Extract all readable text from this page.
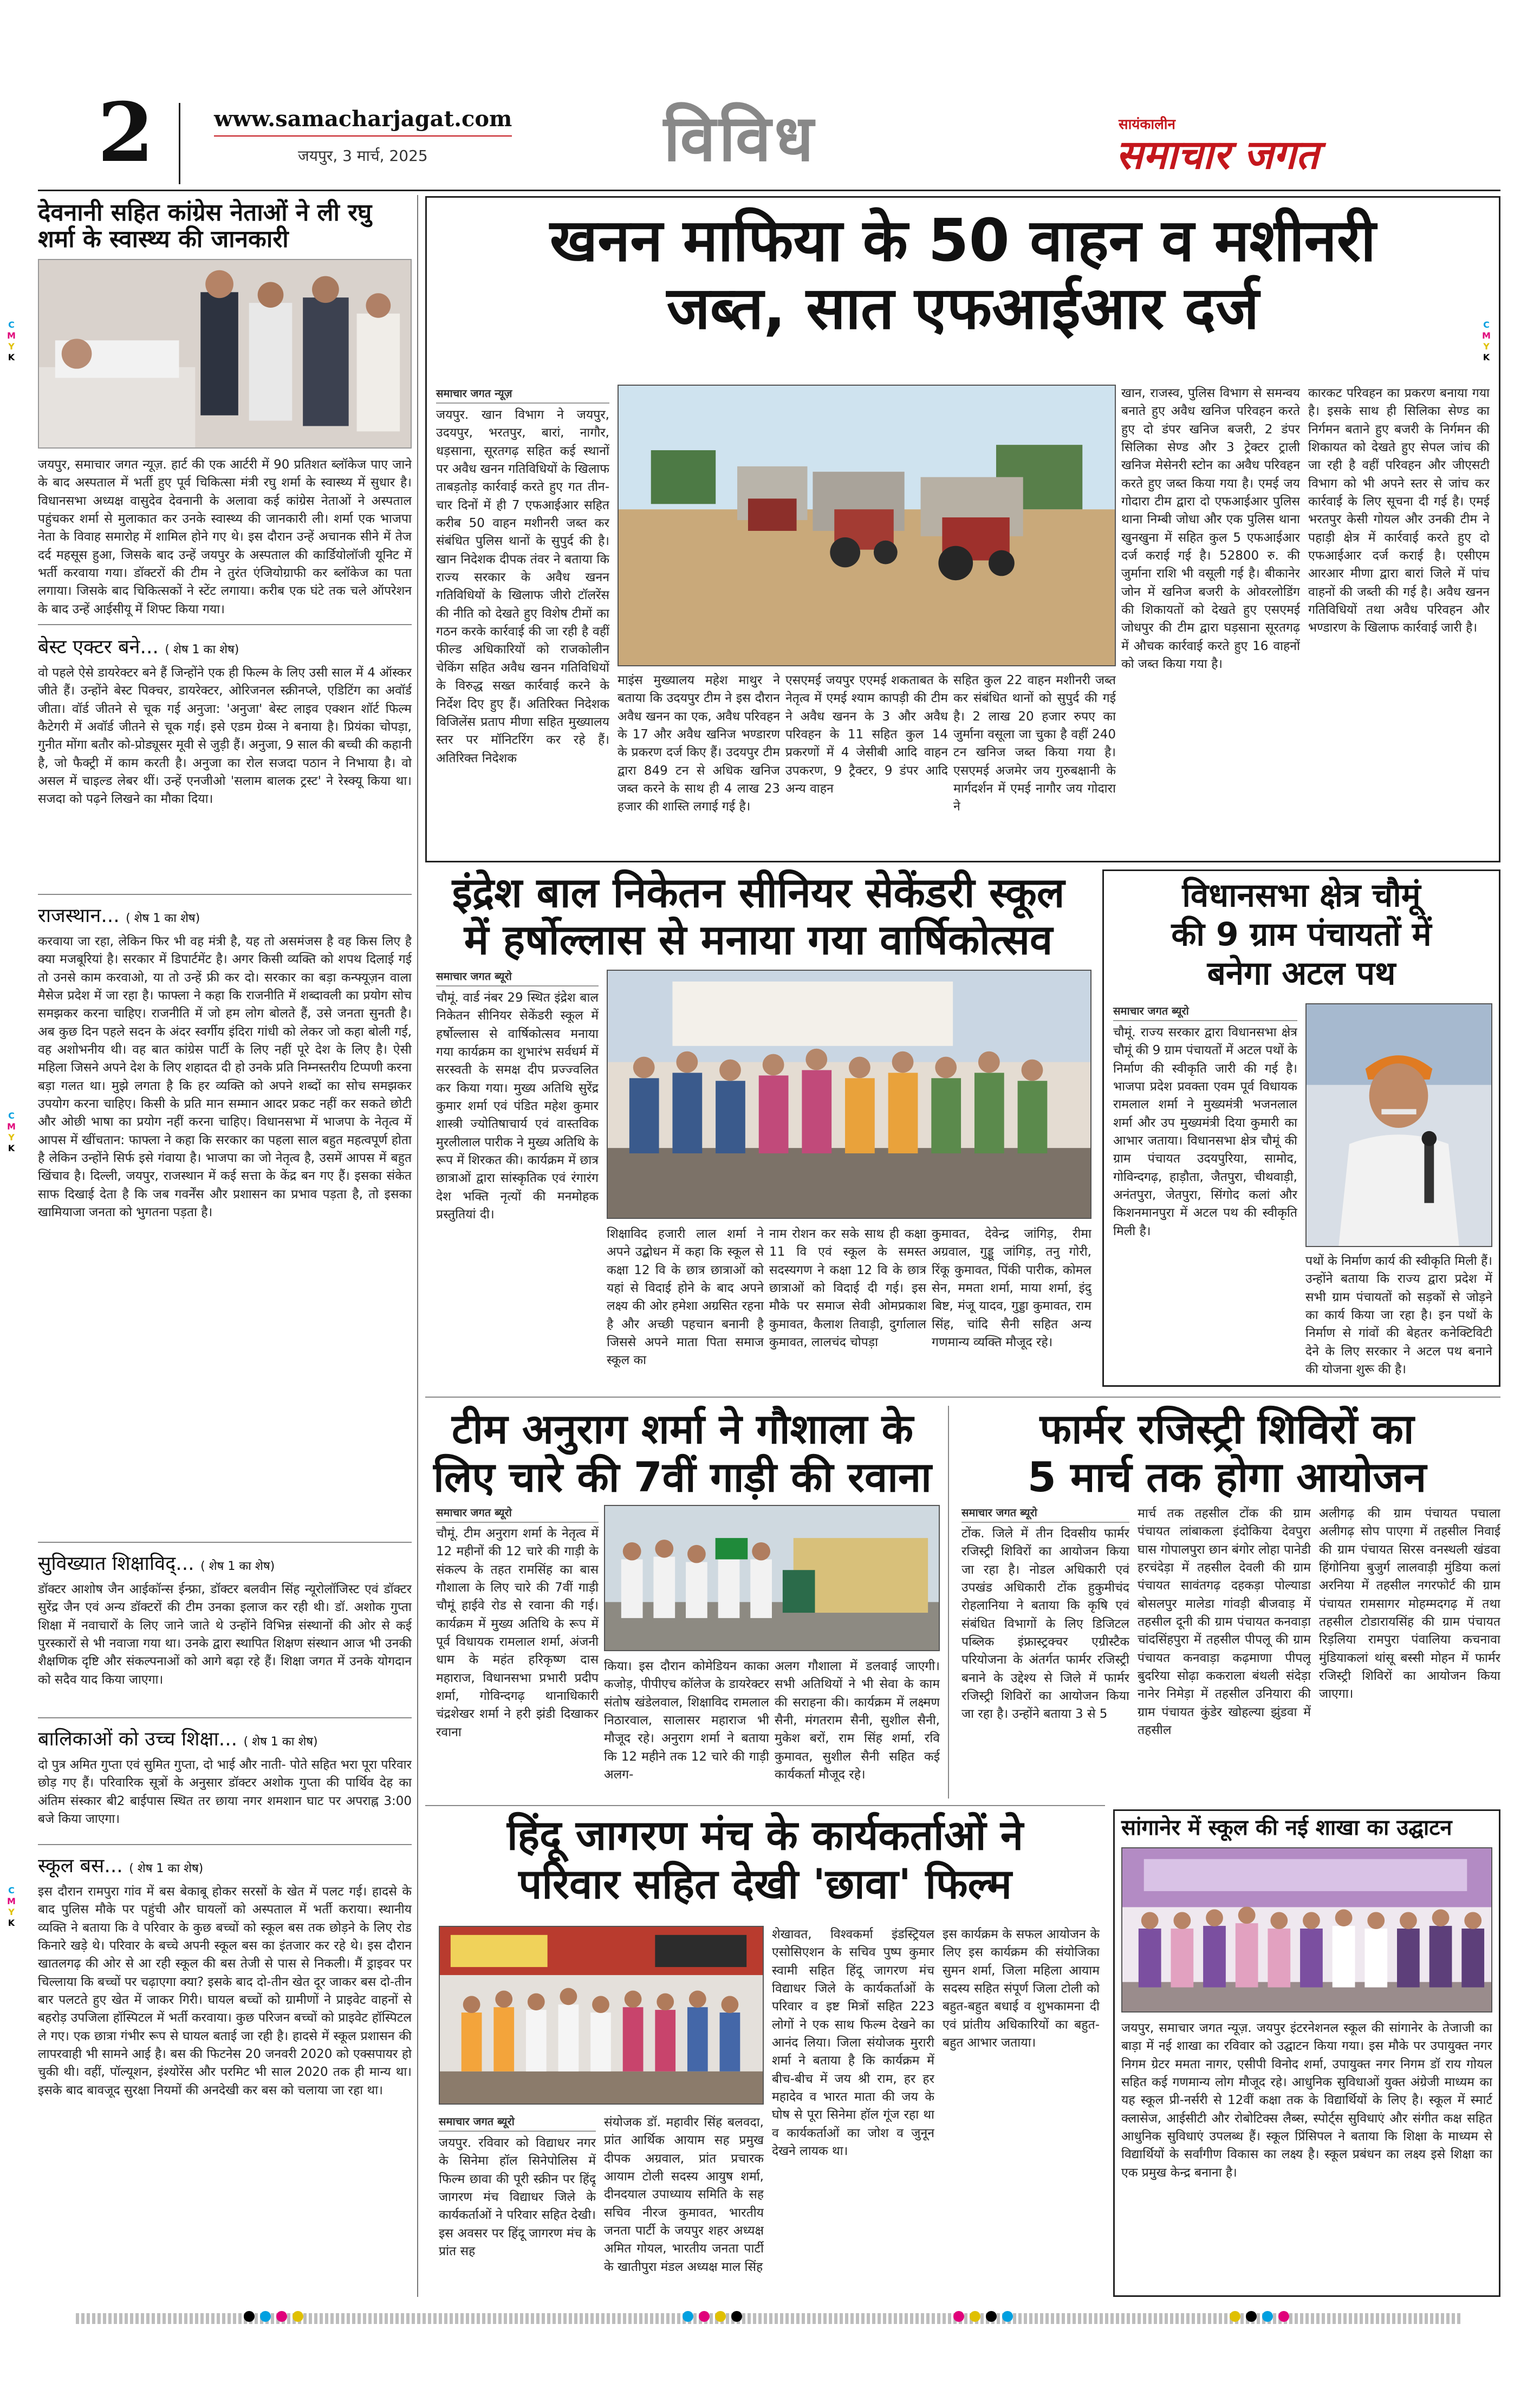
C
M
Y
K
C
M
Y
K
C
M
Y
K
C
M
Y
K
2	www.samacharjagat.com
जयपुर, 3 मार्च, 2025	विविध	सायंकालीन
समाचार जगत
देवनानी सहित कांग्रेस नेताओं ने ली रघु शर्मा के स्वास्थ्य की जानकारी
जयपुर, समाचार जगत न्यूज़. हार्ट की एक आर्टरी में 90 प्रतिशत ब्लॉकेज पाए जाने के बाद अस्पताल में भर्ती हुए पूर्व चिकित्सा मंत्री रघु शर्मा के स्वास्थ्य में सुधार है। विधानसभा अध्यक्ष वासुदेव देवनानी के अलावा कई कांग्रेस नेताओं ने अस्पताल पहुंचकर शर्मा से मुलाकात कर उनके स्वास्थ्य की जानकारी ली। शर्मा एक भाजपा नेता के विवाह समारोह में शामिल होने गए थे। इस दौरान उन्हें अचानक सीने में तेज दर्द महसूस हुआ, जिसके बाद उन्हें जयपुर के अस्पताल की कार्डियोलॉजी यूनिट में भर्ती करवाया गया। डॉक्टरों की टीम ने तुरंत एंजियोग्राफी कर ब्लॉकेज का पता लगाया। जिसके बाद चिकित्सकों ने स्टेंट लगाया। करीब एक घंटे तक चले ऑपरेशन के बाद उन्हें आईसीयू में शिफ्ट किया गया।
बेस्ट एक्टर बने... ( शेष 1 का शेष)
वो पहले ऐसे डायरेक्टर बने हैं जिन्होंने एक ही फिल्म के लिए उसी साल में 4 ऑस्कर जीते हैं। उन्होंने बेस्ट पिक्चर, डायरेक्टर, ओरिजनल स्क्रीनप्ले, एडिटिंग का अवॉर्ड जीता। वॉर्ड जीतने से चूक गई अनुजा: 'अनुजा' बेस्ट लाइव एक्शन शॉर्ट फिल्म कैटेगरी में अवॉर्ड जीतने से चूक गई। इसे एडम ग्रेव्स ने बनाया है। प्रियंका चोपड़ा, गुनीत मोंगा बतौर को-प्रोड्यूसर मूवी से जुड़ी हैं। अनुजा, 9 साल की बच्ची की कहानी है, जो फैक्ट्री में काम करती है। अनुजा का रोल सजदा पठान ने निभाया है। वो असल में चाइल्ड लेबर थीं। उन्हें एनजीओ 'सलाम बालक ट्रस्ट' ने रेस्क्यू किया था। सजदा को पढ़ने लिखने का मौका दिया।
राजस्थान... ( शेष 1 का शेष)
करवाया जा रहा, लेकिन फिर भी वह मंत्री है, यह तो असमंजस है वह किस लिए है क्या मजबूरियां है। सरकार में डिपार्टमेंट है। अगर किसी व्यक्ति को शपथ दिलाई गई तो उनसे काम करवाओ, या तो उन्हें फ्री कर दो। सरकार का बड़ा कन्फ्यूज़न वाला मैसेज प्रदेश में जा रहा है। फाफ्ला ने कहा कि राजनीति में शब्दावली का प्रयोग सोच समझकर करना चाहिए। राजनीति में जो हम लोग बोलते हैं, उसे जनता सुनती है। अब कुछ दिन पहले सदन के अंदर स्वर्गीय इंदिरा गांधी को लेकर जो कहा बोली गई, वह अशोभनीय थी। वह बात कांग्रेस पार्टी के लिए नहीं पूरे देश के लिए है। ऐसी महिला जिसने अपने देश के लिए शहादत दी हो उनके प्रति निम्नस्तरीय टिप्पणी करना बड़ा गलत था। मुझे लगता है कि हर व्यक्ति को अपने शब्दों का सोच समझकर उपयोग करना चाहिए। किसी के प्रति मान सम्मान आदर प्रकट नहीं कर सकते छोटी और ओछी भाषा का प्रयोग नहीं करना चाहिए। विधानसभा में भाजपा के नेतृत्व में आपस में खींचतान: फाफ्ला ने कहा कि सरकार का पहला साल बहुत महत्वपूर्ण होता है लेकिन उन्होंने सिर्फ इसे गंवाया है। भाजपा का जो नेतृत्व है, उसमें आपस में बहुत खिंचाव है। दिल्ली, जयपुर, राजस्थान में कई सत्ता के केंद्र बन गए हैं। इसका संकेत साफ दिखाई देता है कि जब गवर्नेंस और प्रशासन का प्रभाव पड़ता है, तो इसका खामियाजा जनता को भुगतना पड़ता है।
सुविख्यात शिक्षाविद्... ( शेष 1 का शेष)
डॉक्टर आशोष जैन आईकॉन्स ईन्फ्रा, डॉक्टर बलवीन सिंह न्यूरोलॉजिस्ट एवं डॉक्टर सुरेंद्र जैन एवं अन्य डॉक्टरों की टीम उनका इलाज कर रही थी। डॉ. अशोक गुप्ता शिक्षा में नवाचारों के लिए जाने जाते थे उन्होंने विभिन्न संस्थानों की ओर से कई पुरस्कारों से भी नवाजा गया था। उनके द्वारा स्थापित शिक्षण संस्थान आज भी उनकी शैक्षणिक दृष्टि और संकल्पनाओं को आगे बढ़ा रहे हैं। शिक्षा जगत में उनके योगदान को सदैव याद किया जाएगा।
बालिकाओं को उच्च शिक्षा... ( शेष 1 का शेष)
दो पुत्र अमित गुप्ता एवं सुमित गुप्ता, दो भाई और नाती- पोते सहित भरा पूरा परिवार छोड़ गए हैं। परिवारिक सूत्रों के अनुसार डॉक्टर अशोक गुप्ता की पार्थिव देह का अंतिम संस्कार बी2 बाईपास स्थित तर छाया नगर शमशान घाट पर अपराह्न 3:00 बजे किया जाएगा।
स्कूल बस... ( शेष 1 का शेष)
इस दौरान रामपुरा गांव में बस बेकाबू होकर सरसों के खेत में पलट गई। हादसे के बाद पुलिस मौके पर पहुंची और घायलों को अस्पताल में भर्ती कराया। स्थानीय व्यक्ति ने बताया कि वे परिवार के कुछ बच्चों को स्कूल बस तक छोड़ने के लिए रोड किनारे खड़े थे। परिवार के बच्चे अपनी स्कूल बस का इंतजार कर रहे थे। इस दौरान खातलगढ़ की ओर से आ रही स्कूल की बस तेजी से पास से निकली। मैं ड्राइवर पर चिल्लाया कि बच्चों पर चढ़ाएगा क्या? इसके बाद दो-तीन खेत दूर जाकर बस दो-तीन बार पलटते हुए खेत में जाकर गिरी। घायल बच्चों को ग्रामीणों ने प्राइवेट वाहनों से बहरोड़ उपजिला हॉस्पिटल में भर्ती करवाया। कुछ परिजन बच्चों को प्राइवेट हॉस्पिटल ले गए। एक छात्रा गंभीर रूप से घायल बताई जा रही है। हादसे में स्कूल प्रशासन की लापरवाही भी सामने आई है। बस की फिटनेस 20 जनवरी 2020 को एक्सपायर हो चुकी थी। वहीं, पॉल्यूशन, इंश्योरेंस और परमिट भी साल 2020 तक ही मान्य था। इसके बाद बावजूद सुरक्षा नियमों की अनदेखी कर बस को चलाया जा रहा था।
खनन माफिया के 50 वाहन व मशीनरी
जब्त, सात एफआईआर दर्ज
समाचार जगत न्यूज़
जयपुर. खान विभाग ने जयपुर, उदयपुर, भरतपुर, बारां, नागौर, धड़साना, सूरतगढ़ सहित कई स्थानों पर अवैध खनन गतिविधियों के खिलाफ ताबड़तोड़ कार्रवाई करते हुए गत तीन-चार दिनों में ही 7 एफआईआर सहित करीब 50 वाहन मशीनरी जब्त कर संबंधित पुलिस थानों के सुपुर्द की है। खान निदेशक दीपक तंवर ने बताया कि राज्य सरकार के अवैध खनन गतिविधियों के खिलाफ जीरो टॉलरेंस की नीति को देखते हुए विशेष टीमों का गठन करके कार्रवाई की जा रही है वहीं फील्ड अधिकारियों को राजकोलीन चेकिंग सहित अवैध खनन गतिविधियों के विरुद्ध सख्त कार्रवाई करने के निर्देश दिए हुए हैं। अतिरिक्त निदेशक विजिलेंस प्रताप मीणा सहित मुख्यालय स्तर पर मॉनिटरिंग कर रहे हैं। अतिरिक्त निदेशक
माइंस मुख्यालय महेश माथुर ने बताया कि उदयपुर टीम ने इस दौरान अवैध खनन का एक, अवैध परिवहन के 17 और अवैध खनिज भण्डारण के प्रकरण दर्ज किए हैं। उदयपुर टीम द्वारा 849 टन से अधिक खनिज जब्त करने के साथ ही 4 लाख 23 हजार की शास्ति लगाई गई है।
एसएमई जयपुर एएमई शकताबत के नेतृत्व में एमई श्याम कापड़ी की टीम ने अवैध खनन के 3 और अवैध परिवहन के 11 सहित कुल 14 प्रकरणों में 4 जेसीबी आदि वाहन उपकरण, 9 ट्रैक्टर, 9 डंपर आदि अन्य वाहन
सहित कुल 22 वाहन मशीनरी जब्त कर संबंधित थानों को सुपुर्द की गई है। 2 लाख 20 हजार रुपए का जुर्माना वसूला जा चुका है वहीं 240 टन खनिज जब्त किया गया है। एसएमई अजमेर जय गुरुबक्षानी के मार्गदर्शन में एमई नागौर जय गोदारा ने
खान, राजस्व, पुलिस विभाग से समन्वय बनाते हुए अवैध खनिज परिवहन करते हुए दो डंपर खनिज बजरी, 2 डंपर सिलिका सेण्ड और 3 ट्रेक्टर ट्राली खनिज मेसेनरी स्टोन का अवैध परिवहन करते हुए जब्त किया गया है। एमई जय गोदारा टीम द्वारा दो एफआईआर पुलिस थाना निम्बी जोधा और एक पुलिस थाना खुनखुना में सहित कुल 5 एफआईआर दर्ज कराई गई है। 52800 रु. की जुर्माना राशि भी वसूली गई है। बीकानेर जोन में खनिज बजरी के ओवरलोडिंग की शिकायतों को देखते हुए एसएमई जोधपुर की टीम द्वारा घड़साना सूरतगढ़ में औचक कार्रवाई करते हुए 16 वाहनों को जब्त किया गया है।
कारकट परिवहन का प्रकरण बनाया गया है। इसके साथ ही सिलिका सेण्ड का निर्गमन बताने हुए बजरी के निर्गमन की शिकायत को देखते हुए सेपल जांच की जा रही है वहीं परिवहन और जीएसटी विभाग को भी अपने स्तर से जांच कर कार्रवाई के लिए सूचना दी गई है। एमई भरतपुर केसी गोयल और उनकी टीम ने पहाड़ी क्षेत्र में कार्रवाई करते हुए दो एफआईआर दर्ज कराई है। एसीएम आरआर मीणा द्वारा बारां जिले में पांच वाहनों की जब्ती की गई है। अवैध खनन गतिविधियों तथा अवैध परिवहन और भण्डारण के खिलाफ कार्रवाई जारी है।
इंद्रेश बाल निकेतन सीनियर सेकेंडरी स्कूल
में हर्षोल्लास से मनाया गया वार्षिकोत्सव
समाचार जगत ब्यूरो
चौमूं. वार्ड नंबर 29 स्थित इंद्रेश बाल निकेतन सीनियर सेकेंडरी स्कूल में हर्षोल्लास से वार्षिकोत्सव मनाया गया कार्यक्रम का शुभारंभ सर्वधर्म में सरस्वती के समक्ष दीप प्रज्ज्वलित कर किया गया। मुख्य अतिथि सुरेंद्र कुमार शर्मा एवं पंडित महेश कुमार शास्त्री ज्योतिषाचार्य एवं वास्तविक मुरलीलाल पारीक ने मुख्य अतिथि के रूप में शिरकत की। कार्यक्रम में छात्र छात्राओं द्वारा सांस्कृतिक एवं रंगारंग देश भक्ति नृत्यों की मनमोहक प्रस्तुतियां दी।
शिक्षाविद हजारी लाल शर्मा ने अपने उद्बोधन में कहा कि स्कूल से कक्षा 12 वि के छात्र छात्राओं को यहां से विदाई होने के बाद अपने लक्ष्य की ओर हमेशा अग्रसित रहना है और अच्छी पहचान बनानी है जिससे अपने माता पिता समाज स्कूल का
नाम रोशन कर सके साथ ही कक्षा 11 वि एवं स्कूल के समस्त सदस्यगण ने कक्षा 12 वि के छात्र छात्राओं को विदाई दी गई। इस मौके पर समाज सेवी ओमप्रकाश कुमावत, कैलाश तिवाड़ी, दुर्गालाल कुमावत, लालचंद चोपड़ा
कुमावत, देवेन्द्र जांगिड़, रीमा अग्रवाल, गुड्डू जांगिड़, तनु गोरी, रिंकू कुमावत, पिंकी पारीक, कोमल सेन, ममता शर्मा, माया शर्मा, इंदु बिष्ट, मंजू यादव, गुड्डा कुमावत, राम सिंह, चांदि सैनी सहित अन्य गणमान्य व्यक्ति मौजूद रहे।
विधानसभा क्षेत्र चौमूं
की 9 ग्राम पंचायतों में
बनेगा अटल पथ
समाचार जगत ब्यूरो
चौमूं. राज्य सरकार द्वारा विधानसभा क्षेत्र चौमूं की 9 ग्राम पंचायतों में अटल पथों के निर्माण की स्वीकृति जारी की गई है। भाजपा प्रदेश प्रवक्ता एवम पूर्व विधायक रामलाल शर्मा ने मुख्यमंत्री भजनलाल शर्मा और उप मुख्यमंत्री दिया कुमारी का आभार जताया। विधानसभा क्षेत्र चौमूं की ग्राम पंचायत उदयपुरिया, सामोद, गोविन्दगढ़, हाड़ौता, जैतपुरा, चीथवाड़ी, अनंतपुरा, जेतपुरा, सिंगोद कलां और किशनमानपुरा में अटल पथ की स्वीकृति मिली है।
पथों के निर्माण कार्य की स्वीकृति मिली हैं। उन्होंने बताया कि राज्य द्वारा प्रदेश में सभी ग्राम पंचायतों को सड़कों से जोड़ने का कार्य किया जा रहा है। इन पथों के निर्माण से गांवों की बेहतर कनेक्टिविटी देने के लिए सरकार ने अटल पथ बनाने की योजना शुरू की है।
टीम अनुराग शर्मा ने गौशाला के
लिए चारे की 7वीं गाड़ी की रवाना
समाचार जगत ब्यूरो
चौमूं. टीम अनुराग शर्मा के नेतृत्व में 12 महीनों की 12 चारे की गाड़ी के संकल्प के तहत रामसिंह का बास गौशाला के लिए चारे की 7वीं गाड़ी चौमूं हाईवे रोड से रवाना की गई। कार्यक्रम में मुख्य अतिथि के रूप में पूर्व विधायक रामलाल शर्मा, अंजनी धाम के महंत हरिकृष्ण दास महाराज, विधानसभा प्रभारी प्रदीप शर्मा, गोविन्दगढ़ थानाधिकारी चंद्रशेखर शर्मा ने हरी झंडी दिखाकर रवाना
किया। इस दौरान कोमेडियन काका कजोड़, पीपीएच कॉलेज के डायरेक्टर संतोष खंडेलवाल, शिक्षाविद रामलाल निठारवाल, सालासर महाराज भी मौजूद रहे। अनुराग शर्मा ने बताया कि 12 महीने तक 12 चारे की गाड़ी अलग-
अलग गौशाला में डलवाई जाएगी। सभी अतिथियों ने भी सेवा के काम की सराहना की। कार्यक्रम में लक्ष्मण सैनी, मंगतराम सैनी, सुशील सैनी, मुकेश बरों, राम सिंह शर्मा, रवि कुमावत, सुशील सैनी सहित कई कार्यकर्ता मौजूद रहे।
फार्मर रजिस्ट्री शिविरों का
5 मार्च तक होगा आयोजन
समाचार जगत ब्यूरो
टोंक. जिले में तीन दिवसीय फार्मर रजिस्ट्री शिविरों का आयोजन किया जा रहा है। नोडल अधिकारी एवं उपखंड अधिकारी टोंक हुकुमीचंद रोहलानिया ने बताया कि कृषि एवं संबंधित विभागों के लिए डिजिटल पब्लिक इंफ्रास्ट्रक्चर एग्रीस्टैक परियोजना के अंतर्गत फार्मर रजिस्ट्री बनाने के उद्देश्य से जिले में फार्मर रजिस्ट्री शिविरों का आयोजन किया जा रहा है। उन्होंने बताया 3 से 5
मार्च तक तहसील टोंक की ग्राम पंचायत लांबाकला इंदोकिया देवपुरा घास गोपालपुरा छान बंगोर लोहा पानेडी हरचंदेड़ा में तहसील देवली की ग्राम पंचायत सावंतगढ़ दहकड़ा पोल्याडा बोसलपुर मालेडा गांवड़ी बीजवाड़ में तहसील दूनी की ग्राम पंचायत कनवाड़ा चांदसिंहपुरा में तहसील पीपलू की ग्राम पंचायत कनवाड़ा कढ़माणा पीपलू बुदरिया सोढ़ा ककराला बंथली संदेड़ा नानेर निमेड़ा में तहसील उनियारा की ग्राम पंचायत कुंडेर खोहल्या झुंडवा में तहसील
अलीगढ़ की ग्राम पंचायत पचाला अलीगढ़ सोप पाएगा में तहसील निवाई की ग्राम पंचायत सिरस वनस्थली खंडवा हिंगोनिया बुजुर्ग लालवाड़ी मुंडिया कलां अरनिया में तहसील नगरफोर्ट की ग्राम पंचायत रामसागर मोहम्मदगढ़ में तथा तहसील टोडारायसिंह की ग्राम पंचायत रिड़लिया रामपुरा पंवालिया कचनावा मुंडियाकलां थांसू बस्सी मोहन में फार्मर रजिस्ट्री शिविरों का आयोजन किया जाएगा।
हिंदू जागरण मंच के कार्यकर्ताओं ने
परिवार सहित देखी 'छावा' फिल्म
समाचार जगत ब्यूरो
जयपुर. रविवार को विद्याधर नगर के सिनेमा हॉल सिनेपोलिस में फिल्म छावा की पूरी स्क्रीन पर हिंदू जागरण मंच विद्याधर जिले के कार्यकर्ताओं ने परिवार सहित देखी। इस अवसर पर हिंदू जागरण मंच के प्रांत सह
संयोजक डॉ. महावीर सिंह बलवदा, प्रांत आर्थिक आयाम सह प्रमुख दीपक अग्रवाल, प्रांत प्रचारक आयाम टोली सदस्य आयुष शर्मा, दीनदयाल उपाध्याय समिति के सह सचिव नीरज कुमावत, भारतीय जनता पार्टी के जयपुर शहर अध्यक्ष अमित गोयल, भारतीय जनता पार्टी के खातीपुरा मंडल अध्यक्ष माल सिंह
शेखावत, विश्वकर्मा इंडस्ट्रियल एसोसिएशन के सचिव पुष्प कुमार स्वामी सहित हिंदू जागरण मंच विद्याधर जिले के कार्यकर्ताओं के परिवार व इष्ट मित्रों सहित 223 लोगों ने एक साथ फिल्म देखने का आनंद लिया। जिला संयोजक मुरारी शर्मा ने बताया है कि कार्यक्रम में बीच-बीच में जय श्री राम, हर हर महादेव व भारत माता की जय के घोष से पूरा सिनेमा हॉल गूंज रहा था व कार्यकर्ताओं का जोश व जुनून देखने लायक था।
इस कार्यक्रम के सफल आयोजन के लिए इस कार्यक्रम की संयोजिका सुमन शर्मा, जिला महिला आयाम सदस्य सहित संपूर्ण जिला टोली को बहुत-बहुत बधाई व शुभकामना दी एवं प्रांतीय अधिकारियों का बहुत-बहुत आभार जताया।
सांगानेर में स्कूल की नई शाखा का उद्घाटन
जयपुर, समाचार जगत न्यूज़. जयपुर इंटरनेशनल स्कूल की सांगानेर के तेजाजी का बाड़ा में नई शाखा का रविवार को उद्घाटन किया गया। इस मौके पर उपायुक्त नगर निगम ग्रेटर ममता नागर, एसीपी विनोद शर्मा, उपायुक्त नगर निगम डॉ राय गोयल सहित कई गणमान्य लोग मौजूद रहे। आधुनिक सुविधाओं युक्त अंग्रेजी माध्यम का यह स्कूल प्री-नर्सरी से 12वीं कक्षा तक के विद्यार्थियों के लिए है। स्कूल में स्मार्ट क्लासेज, आईसीटी और रोबोटिक्स लैब्स, स्पोर्ट्स सुविधाएं और संगीत कक्ष सहित आधुनिक सुविधाएं उपलब्ध हैं। स्कूल प्रिंसिपल ने बताया कि शिक्षा के माध्यम से विद्यार्थियों के सर्वांगीण विकास का लक्ष्य है। स्कूल प्रबंधन का लक्ष्य इसे शिक्षा का एक प्रमुख केन्द्र बनाना है।
